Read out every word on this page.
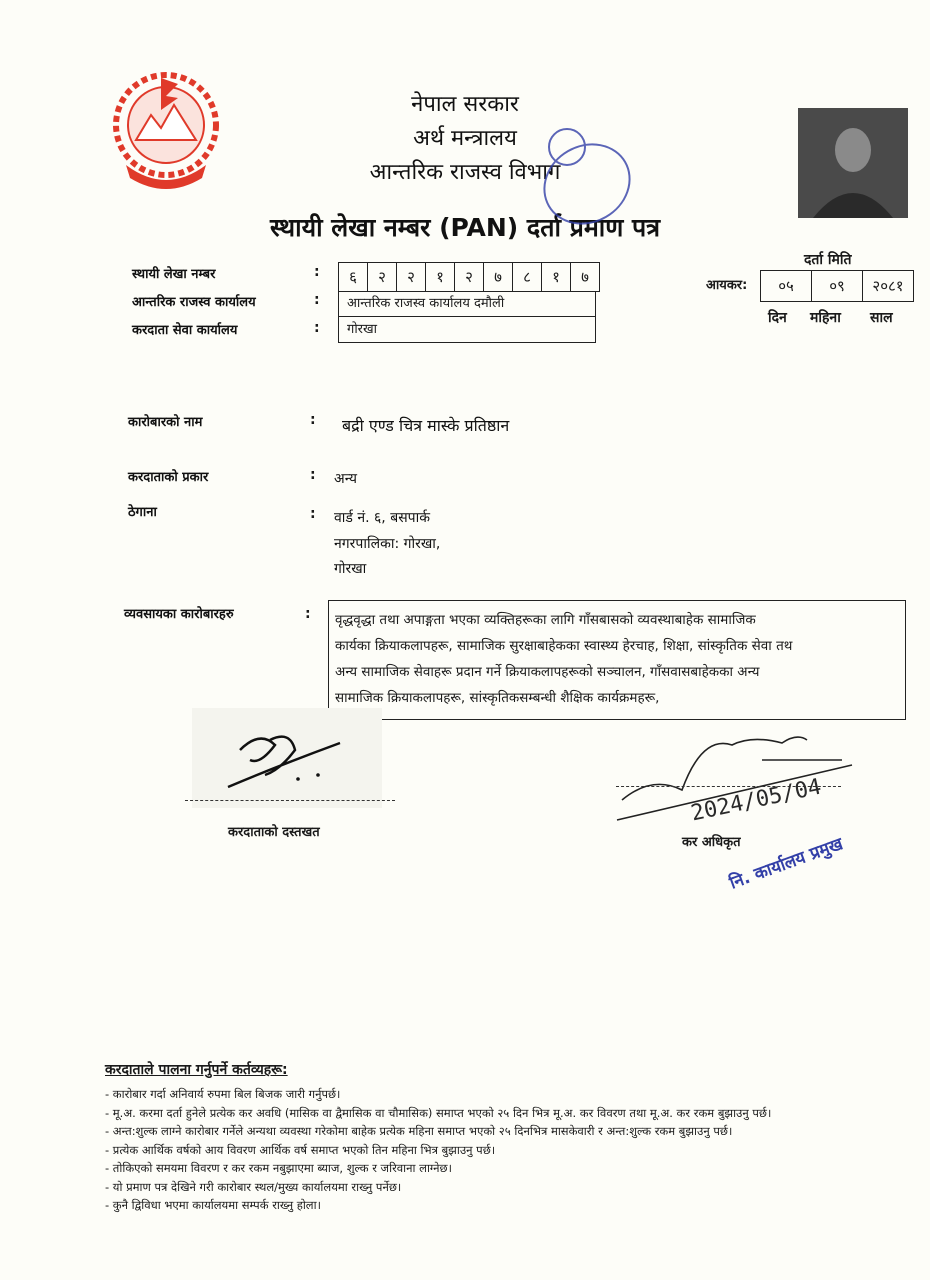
नेपाल सरकार
अर्थ मन्त्रालय
आन्तरिक राजस्व विभाग
स्थायी लेखा नम्बर (PAN) दर्ता प्रमाण पत्र
स्थायी लेखा नम्बर	:	६	२	२	१	२	७	८	१	७
आन्तरिक राजस्व कार्यालय	:	आन्तरिक राजस्व कार्यालय दमौली
करदाता सेवा कार्यालय	:	गोरखा
दर्ता मिति
आयकर:	०५	०९	२०८१
दिन महिना साल
कारोबारको नाम	: बद्री एण्ड चित्र मास्के प्रतिष्ठान
करदाताको प्रकार	: अन्य
ठेगाना	: वार्ड नं. ६, बसपार्क
नगरपालिका: गोरखा,
गोरखा
व्यवसायका कारोबारहरु	: वृद्धवृद्धा तथा अपाङ्गता भएका व्यक्तिहरूका लागि गाँसबासको व्यवस्थाबाहेक सामाजिक
कार्यका क्रियाकलापहरू, सामाजिक सुरक्षाबाहेकका स्वास्थ्य हेरचाह, शिक्षा, सांस्कृतिक सेवा तथ
अन्य सामाजिक सेवाहरू प्रदान गर्ने क्रियाकलापहरूको सञ्चालन, गाँसवासबाहेकका अन्य
सामाजिक क्रियाकलापहरू, सांस्कृतिकसम्बन्धी शैक्षिक कार्यक्रमहरू,
करदाताको दस्तखत
2024/05/04
कर अधिकृत
नि. कार्यालय प्रमुख
करदाताले पालना गर्नुपर्ने कर्तव्यहरू:
- कारोबार गर्दा अनिवार्य रुपमा बिल बिजक जारी गर्नुपर्छ।
- मू.अ. करमा दर्ता हुनेले प्रत्येक कर अवधि (मासिक वा द्वैमासिक वा चौमासिक) समाप्त भएको २५ दिन भित्र मू.अ. कर विवरण तथा मू.अ. कर रकम बुझाउनु पर्छ।
- अन्त:शुल्क लाग्ने कारोबार गर्नेले अन्यथा व्यवस्था गरेकोमा बाहेक प्रत्येक महिना समाप्त भएको २५ दिनभित्र मासकेवारी र अन्त:शुल्क रकम बुझाउनु पर्छ।
- प्रत्येक आर्थिक वर्षको आय विवरण आर्थिक वर्ष समाप्त भएको तिन महिना भित्र बुझाउनु पर्छ।
- तोकिएको समयमा विवरण र कर रकम नबुझाएमा ब्याज, शुल्क र जरिवाना लाग्नेछ।
- यो प्रमाण पत्र देखिने गरी कारोबार स्थल/मुख्य कार्यालयमा राख्नु पर्नेछ।
- कुनै द्विविधा भएमा कार्यालयमा सम्पर्क राख्नु होला।
